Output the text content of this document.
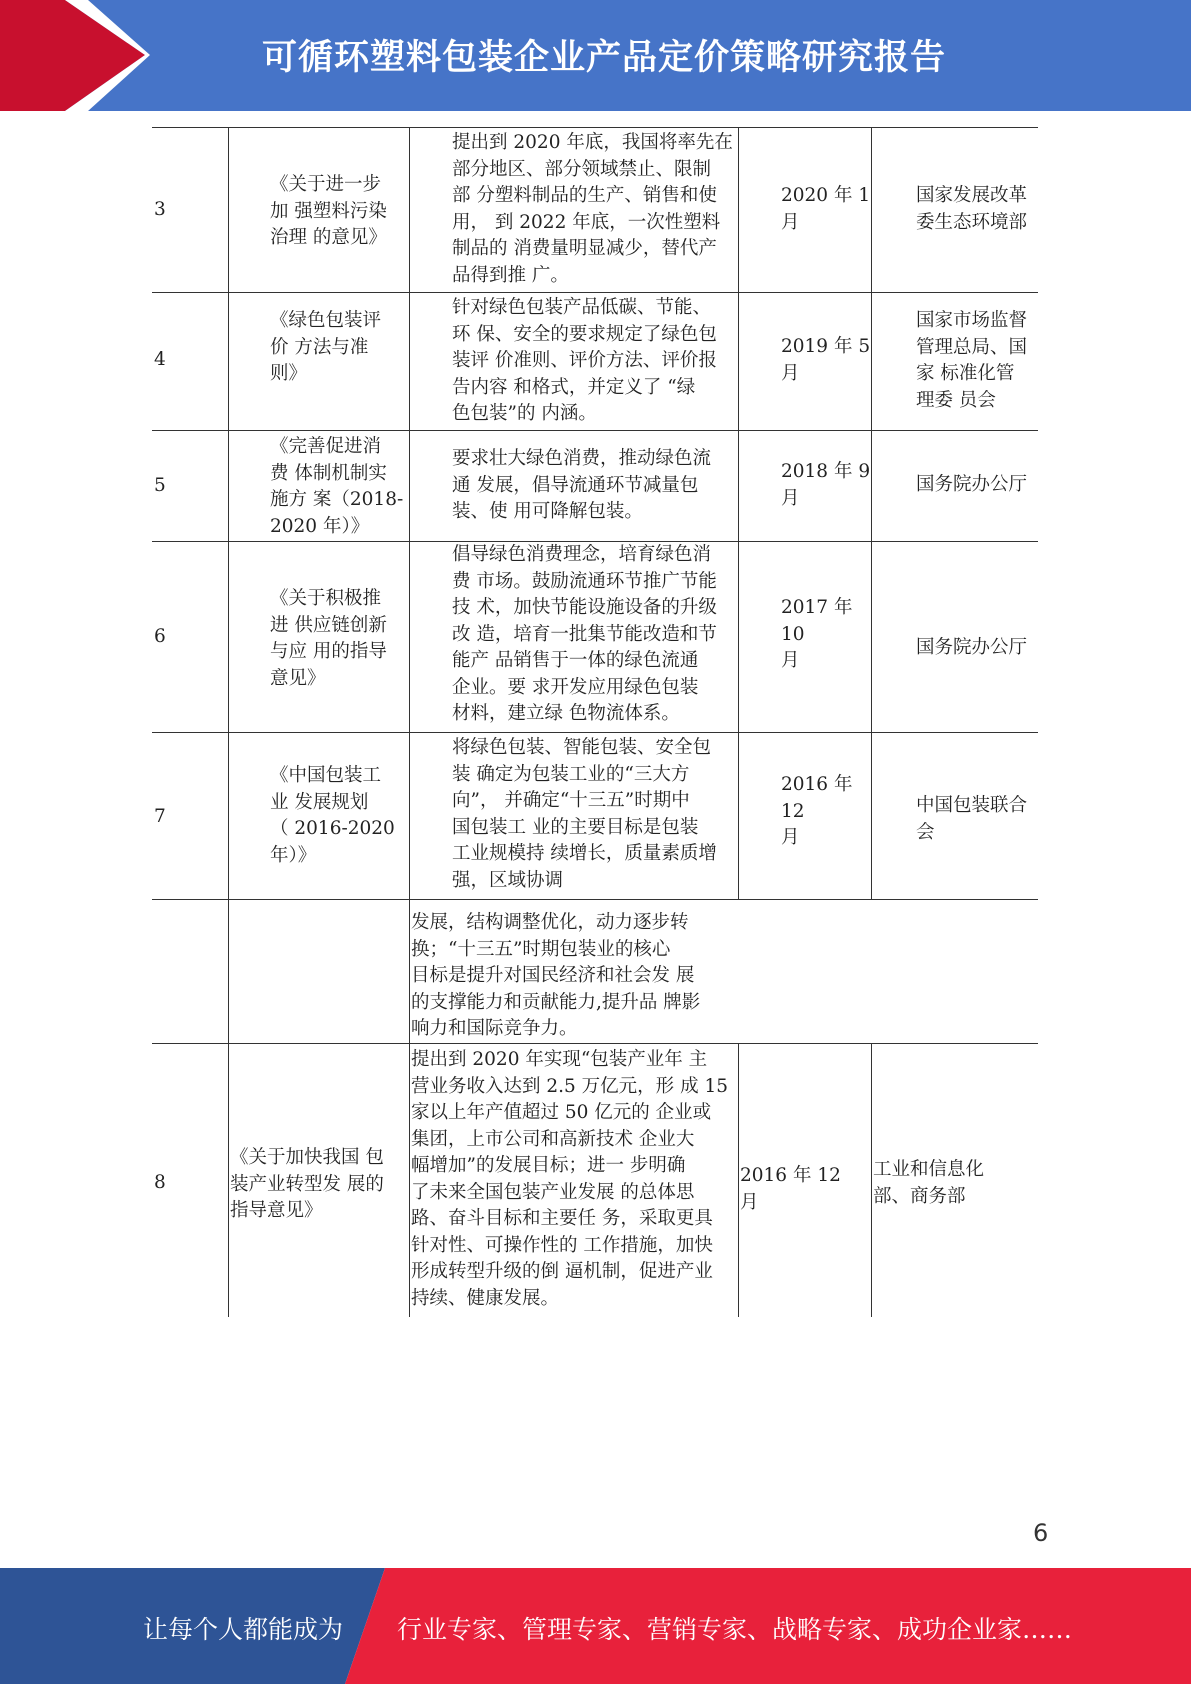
可循环塑料包装企业产品定价策略研究报告
6
让每个人都能成为 行业专家、管理专家、营销专家、战略专家、成功企业家……
3
《关于进一步
加 强塑料污染
治理 的意见》
提出到 2020 年底，我国将率先在
部分地区、部分领域禁止、限制
部 分塑料制品的生产、销售和使
用， 到 2022 年底，一次性塑料
制品的 消费量明显减少，替代产
品得到推 广。
2020 年 1
月
国家发展改革
委生态环境部
4
《绿色包装评
价 方法与准
则》
针对绿色包装产品低碳、节能、
环 保、安全的要求规定了绿色包
装评 价准则、评价方法、评价报
告内容 和格式，并定义了 “绿
色包装”的 内涵。
2019 年 5
月
国家市场监督
管理总局、国
家 标准化管
理委 员会
5
《完善促进消
费 体制机制实
施方 案（2018-
2020 年）》
要求壮大绿色消费，推动绿色流
通 发展，倡导流通环节减量包
装、使 用可降解包装。
2018 年 9
月
国务院办公厅
6
《关于积极推
进 供应链创新
与应 用的指导
意见》
倡导绿色消费理念，培育绿色消
费 市场。鼓励流通环节推广节能
技 术，加快节能设施设备的升级
改 造，培育一批集节能改造和节
能产 品销售于一体的绿色流通
企业。要 求开发应用绿色包装
材料，建立绿 色物流体系。
2017 年
10
月
国务院办公厅
7
《中国包装工
业 发展规划
（ 2016-2020
年）》
将绿色包装、智能包装、安全包
装 确定为包装工业的“三大方
向”， 并确定“十三五”时期中
国包装工 业的主要目标是包装
工业规模持 续增长，质量素质增
强，区域协调
2016 年
12
月
中国包装联合
会
发展，结构调整优化，动力逐步转
换；“十三五”时期包装业的核心
目标是提升对国民经济和社会发 展
的支撑能力和贡献能力,提升品 牌影
响力和国际竞争力。
8
《关于加快我国 包
装产业转型发 展的
指导意见》
提出到 2020 年实现“包装产业年 主
营业务收入达到 2.5 万亿元，形 成 15
家以上年产值超过 50 亿元的 企业或
集团，上市公司和高新技术 企业大
幅增加”的发展目标；进一 步明确
了未来全国包装产业发展 的总体思
路、奋斗目标和主要任 务，采取更具
针对性、可操作性的 工作措施，加快
形成转型升级的倒 逼机制，促进产业
持续、健康发展。
2016 年 12
月
工业和信息化
部、商务部
